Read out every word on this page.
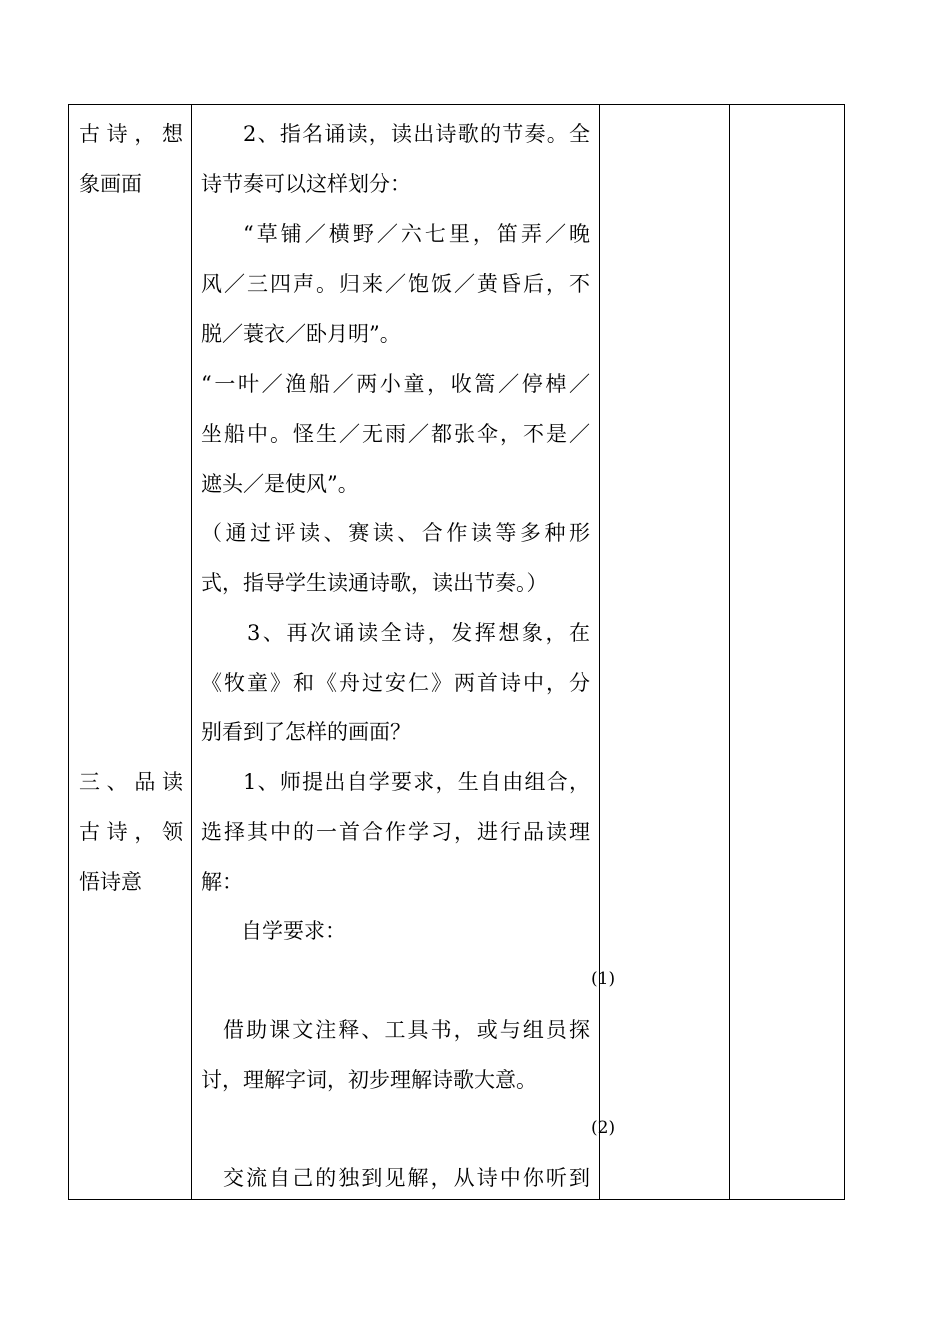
古诗，想

象画面

三、品读

古诗，领

悟诗意

2、指名诵读，读出诗歌的节奏。全

诗节奏可以这样划分：

“草铺／横野／六七里，笛弄／晚

风／三四声。归来／饱饭／黄昏后，不

脱／蓑衣／卧月明”。

“一叶／渔船／两小童，收篙／停棹／

坐船中。怪生／无雨／都张伞，不是／

遮头／是使风”。

（通过评读、赛读、合作读等多种形

式，指导学生读通诗歌，读出节奏。）

3、再次诵读全诗，发挥想象，在

《牧童》和《舟过安仁》两首诗中，分

别看到了怎样的画面？

1、师提出自学要求，生自由组合，

选择其中的一首合作学习，进行品读理

解：

自学要求：

(1)

借助课文注释、工具书，或与组员探

讨，理解字词，初步理解诗歌大意。

(2)

交流自己的独到见解，从诗中你听到
